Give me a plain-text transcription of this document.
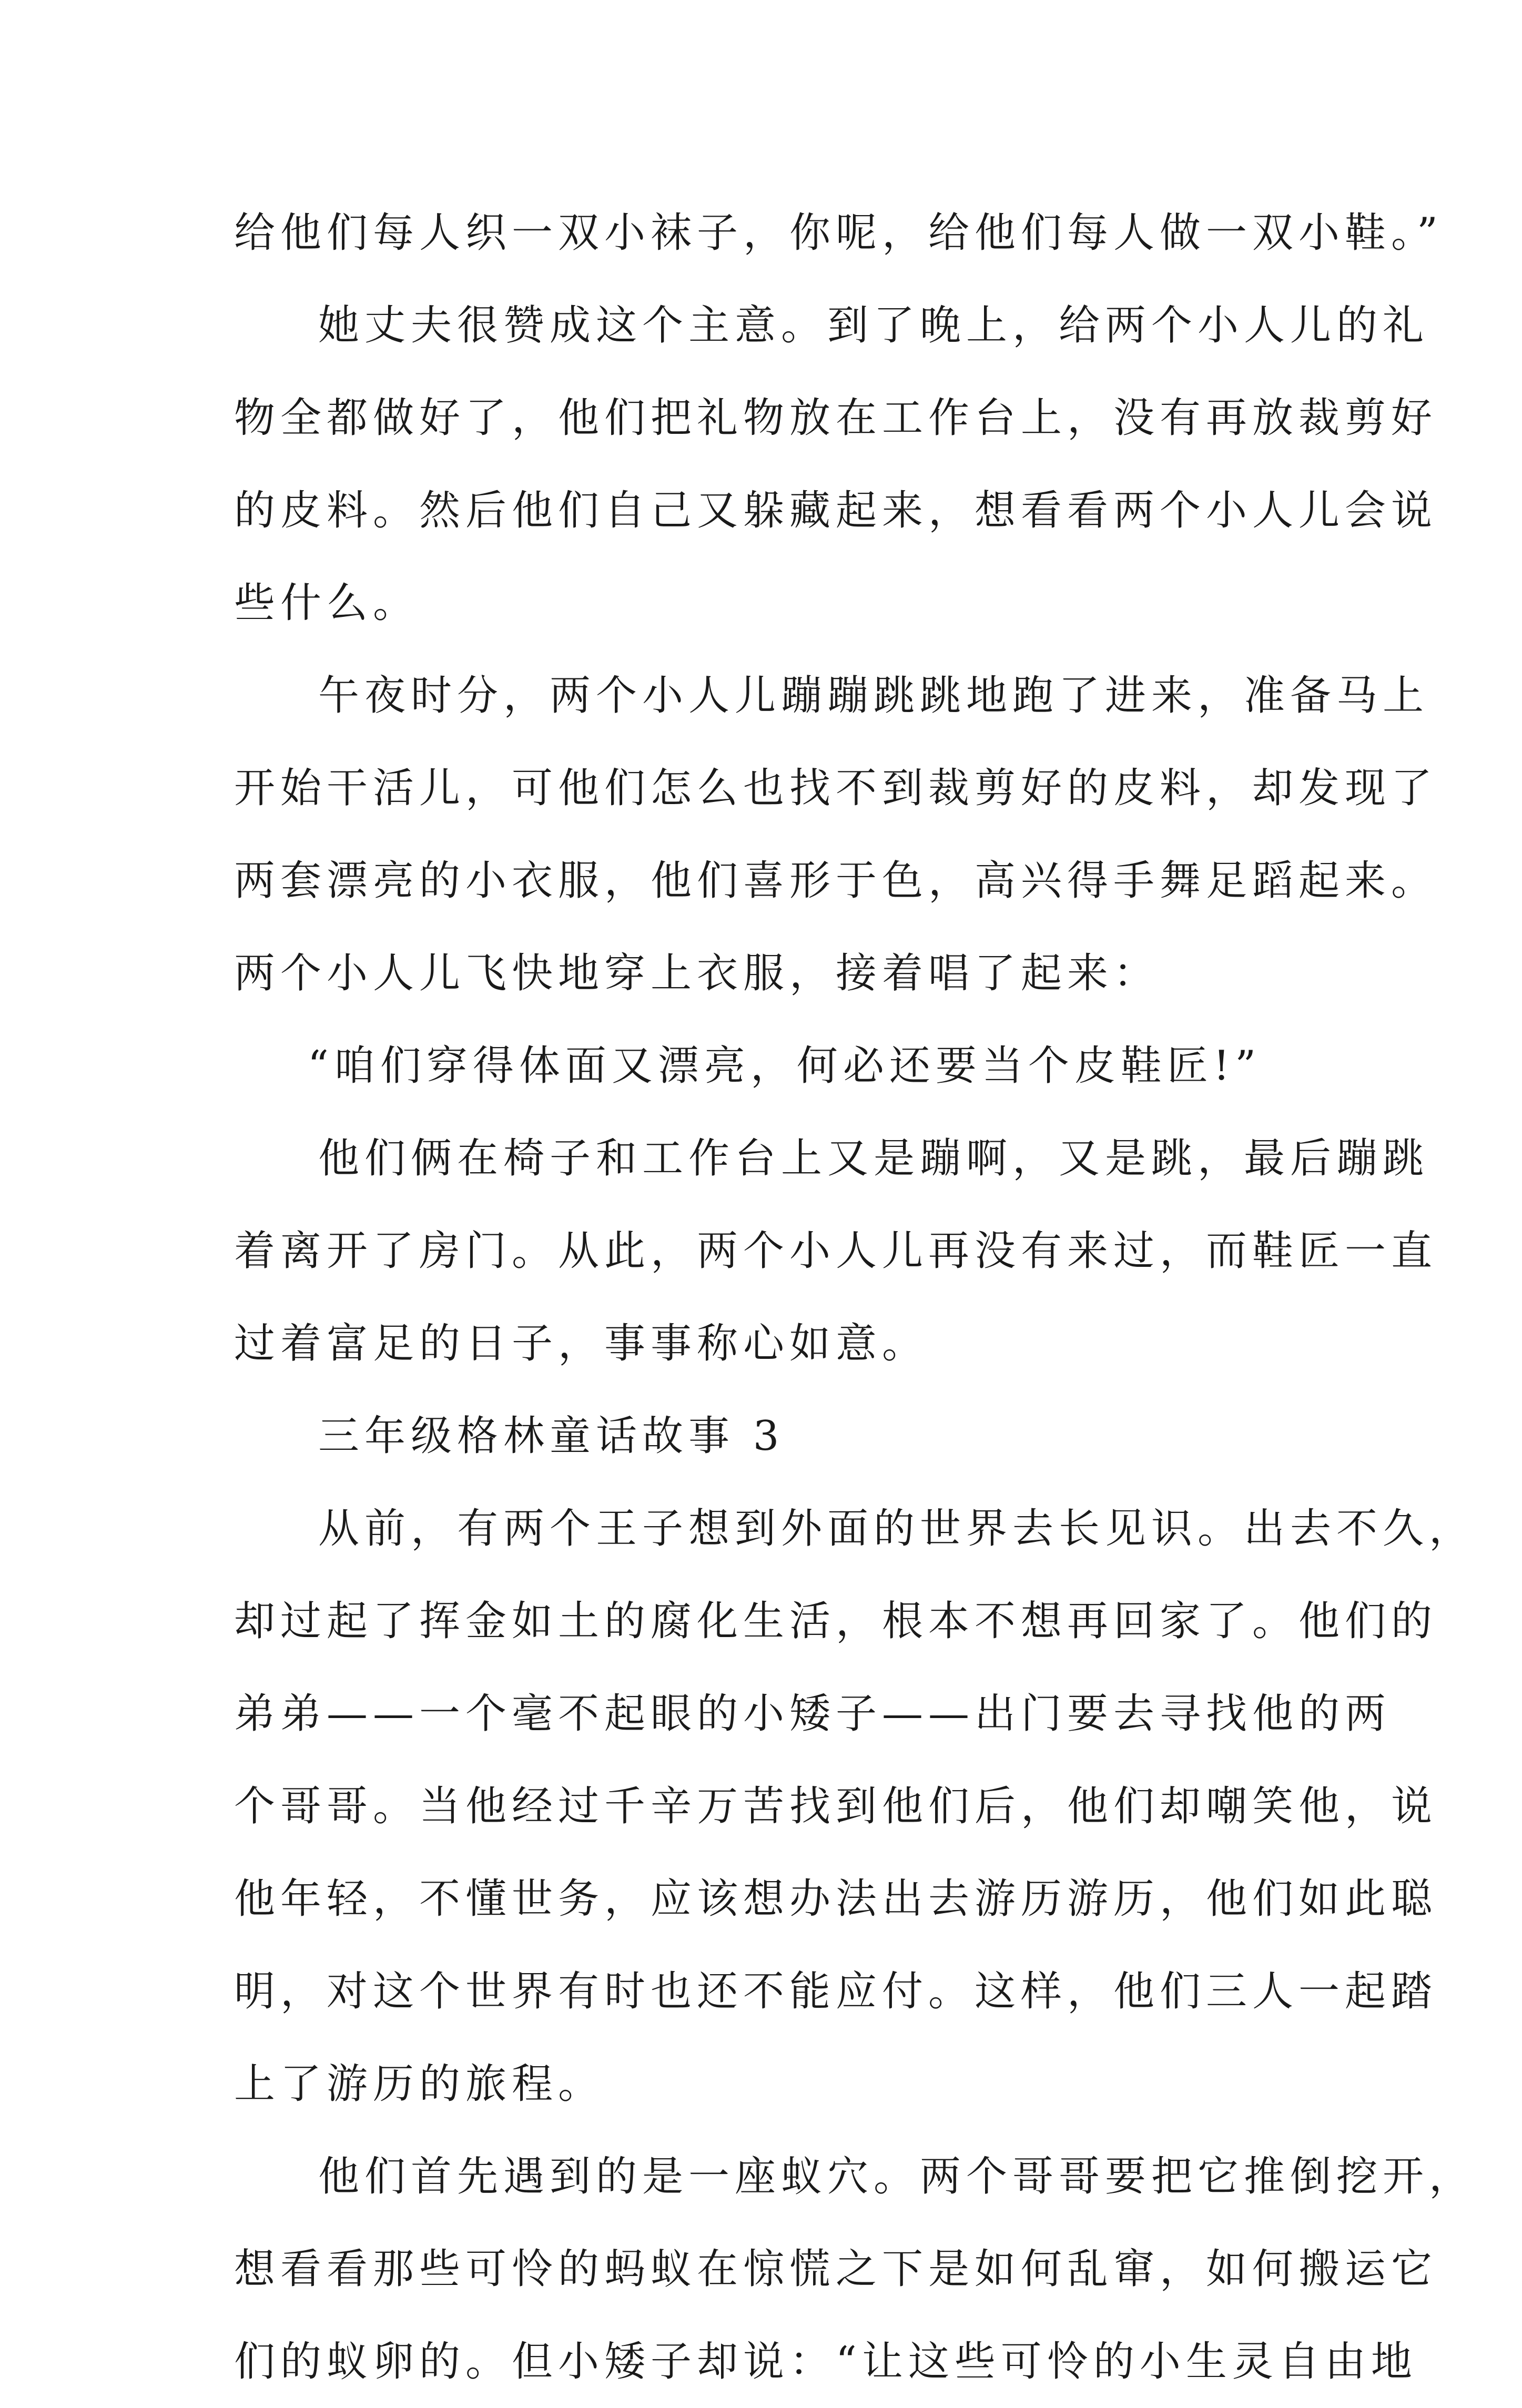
给他们每人织一双小袜子，你呢，给他们每人做一双小鞋。”
她丈夫很赞成这个主意。到了晚上，给两个小人儿的礼
物全都做好了，他们把礼物放在工作台上，没有再放裁剪好
的皮料。然后他们自己又躲藏起来，想看看两个小人儿会说
些什么。
午夜时分，两个小人儿蹦蹦跳跳地跑了进来，准备马上
开始干活儿，可他们怎么也找不到裁剪好的皮料，却发现了
两套漂亮的小衣服，他们喜形于色，高兴得手舞足蹈起来。
两个小人儿飞快地穿上衣服，接着唱了起来：
“咱们穿得体面又漂亮，何必还要当个皮鞋匠!”
他们俩在椅子和工作台上又是蹦啊，又是跳，最后蹦跳
着离开了房门。从此，两个小人儿再没有来过，而鞋匠一直
过着富足的日子，事事称心如意。
三年级格林童话故事 3
从前，有两个王子想到外面的世界去长见识。出去不久，
却过起了挥金如土的腐化生活，根本不想再回家了。他们的
弟弟——一个毫不起眼的小矮子——出门要去寻找他的两
个哥哥。当他经过千辛万苦找到他们后，他们却嘲笑他，说
他年轻，不懂世务，应该想办法出去游历游历，他们如此聪
明，对这个世界有时也还不能应付。这样，他们三人一起踏
上了游历的旅程。
他们首先遇到的是一座蚁穴。两个哥哥要把它推倒挖开，
想看看那些可怜的蚂蚁在惊慌之下是如何乱窜，如何搬运它
们的蚁卵的。但小矮子却说：“让这些可怜的小生灵自由地
